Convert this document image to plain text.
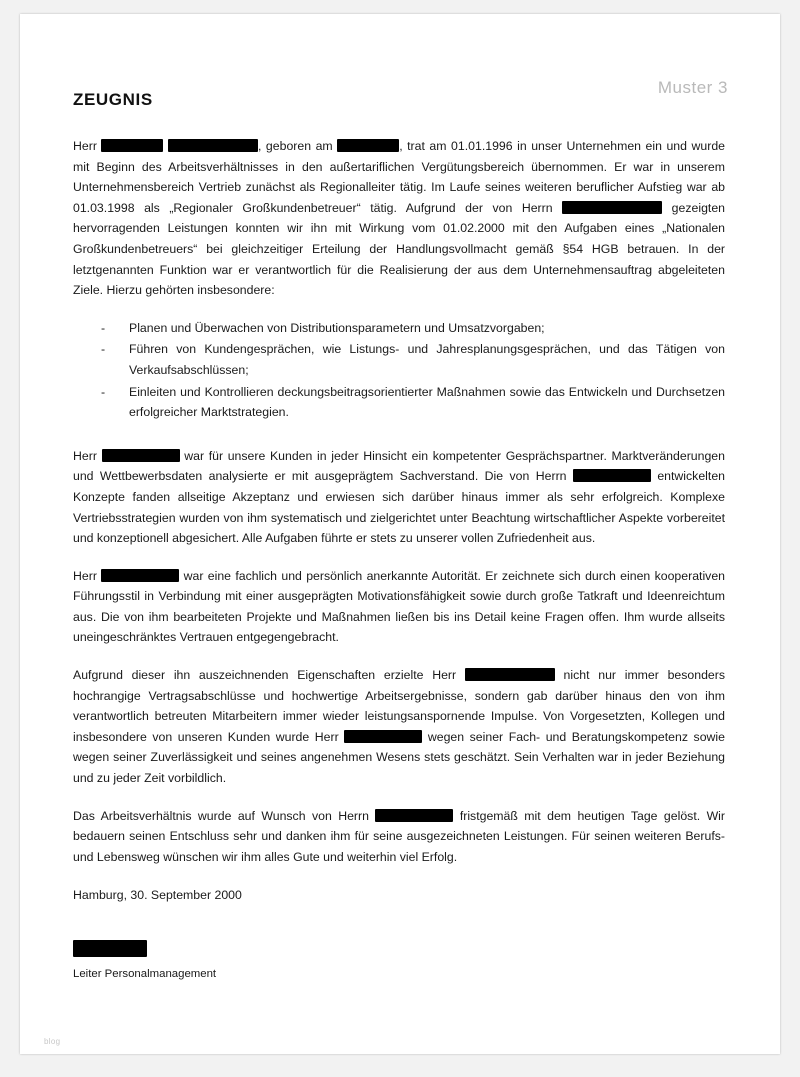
Muster 3
ZEUGNIS

Herr	, geboren am	, trat am 01.01.1996 in unser Unternehmen ein und wurde mit Beginn des Arbeitsverhältnisses in den außertariflichen Vergütungsbereich übernommen. Er war in unserem Unternehmensbereich Vertrieb zunächst als Regionalleiter tätig. Im Laufe seines weiteren beruflicher Aufstieg war ab 01.03.1998 als „Regionaler Großkundenbetreuer“ tätig. Aufgrund der von Herrn	gezeigten hervorragenden Leistungen konnten wir ihn mit Wirkung vom 01.02.2000 mit den Aufgaben eines „Nationalen Großkundenbetreuers“ bei gleichzeitiger Erteilung der Handlungsvollmacht gemäß §54 HGB betrauen. In der letztgenannten Funktion war er verantwortlich für die Realisierung der aus dem Unternehmensauftrag abgeleiteten Ziele. Hierzu gehörten insbesondere:

- Planen und Überwachen von Distributionsparametern und Umsatzvorgaben;
- Führen von Kundengesprächen, wie Listungs- und Jahresplanungsgesprächen, und das Tätigen von Verkaufsabschlüssen;
- Einleiten und Kontrollieren deckungsbeitragsorientierter Maßnahmen sowie das Entwickeln und Durchsetzen erfolgreicher Marktstrategien.

Herr	war für unsere Kunden in jeder Hinsicht ein kompetenter Gesprächspartner. Marktveränderungen und Wettbewerbsdaten analysierte er mit ausgeprägtem Sachverstand. Die von Herrn	entwickelten Konzepte fanden allseitige Akzeptanz und erwiesen sich darüber hinaus immer als sehr erfolgreich. Komplexe Vertriebsstrategien wurden von ihm systematisch und zielgerichtet unter Beachtung wirtschaftlicher Aspekte vorbereitet und konzeptionell abgesichert. Alle Aufgaben führte er stets zu unserer vollen Zufriedenheit aus.

Herr	war eine fachlich und persönlich anerkannte Autorität. Er zeichnete sich durch einen kooperativen Führungsstil in Verbindung mit einer ausgeprägten Motivationsfähigkeit sowie durch große Tatkraft und Ideenreichtum aus. Die von ihm bearbeiteten Projekte und Maßnahmen ließen bis ins Detail keine Fragen offen. Ihm wurde allseits uneingeschränktes Vertrauen entgegengebracht.

Aufgrund dieser ihn auszeichnenden Eigenschaften erzielte Herr	nicht nur immer besonders hochrangige Vertragsabschlüsse und hochwertige Arbeitsergebnisse, sondern gab darüber hinaus den von ihm verantwortlich betreuten Mitarbeitern immer wieder leistungsanspornende Impulse. Von Vorgesetzten, Kollegen und insbesondere von unseren Kunden wurde Herr	wegen seiner Fach- und Beratungskompetenz sowie wegen seiner Zuverlässigkeit und seines angenehmen Wesens stets geschätzt. Sein Verhalten war in jeder Beziehung und zu jeder Zeit vorbildlich.

Das Arbeitsverhältnis wurde auf Wunsch von Herrn	fristgemäß mit dem heutigen Tage gelöst. Wir bedauern seinen Entschluss sehr und danken ihm für seine ausgezeichneten Leistungen. Für seinen weiteren Berufs- und Lebensweg wünschen wir ihm alles Gute und weiterhin viel Erfolg.

Hamburg, 30. September 2000

Leiter Personalmanagement
blog
